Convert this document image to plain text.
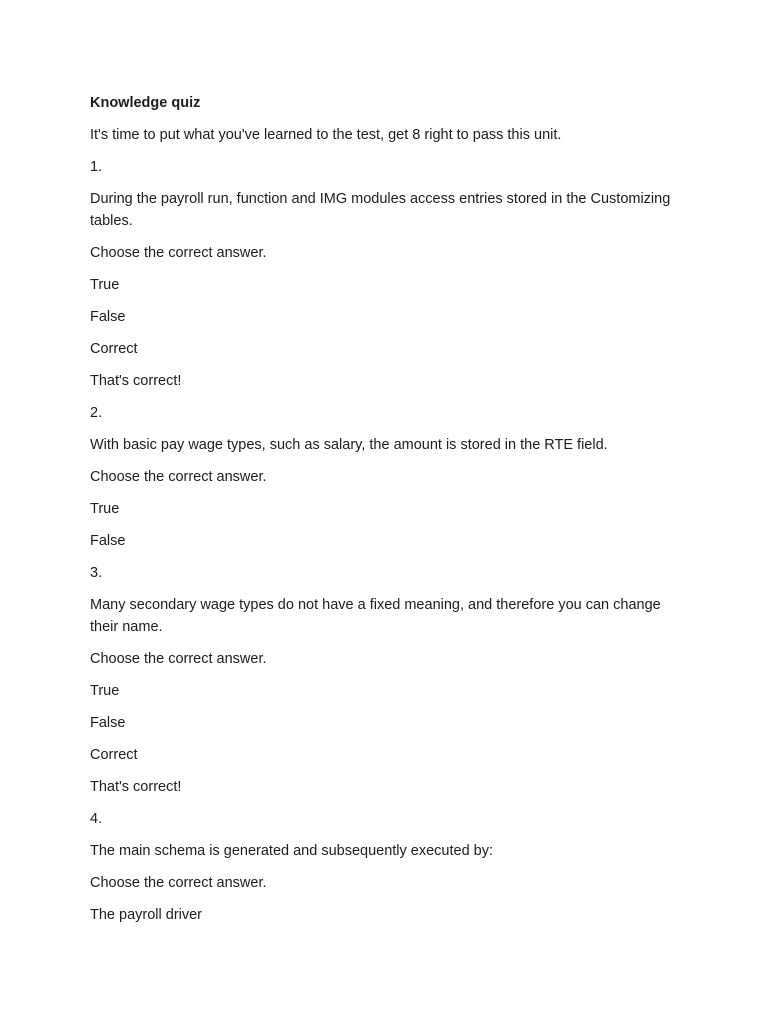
Knowledge quiz
It's time to put what you've learned to the test, get 8 right to pass this unit.
1.
During the payroll run, function and IMG modules access entries stored in the Customizing tables.
Choose the correct answer.
True
False
Correct
That's correct!
2.
With basic pay wage types, such as salary, the amount is stored in the RTE field.
Choose the correct answer.
True
False
3.
Many secondary wage types do not have a fixed meaning, and therefore you can change their name.
Choose the correct answer.
True
False
Correct
That's correct!
4.
The main schema is generated and subsequently executed by:
Choose the correct answer.
The payroll driver
